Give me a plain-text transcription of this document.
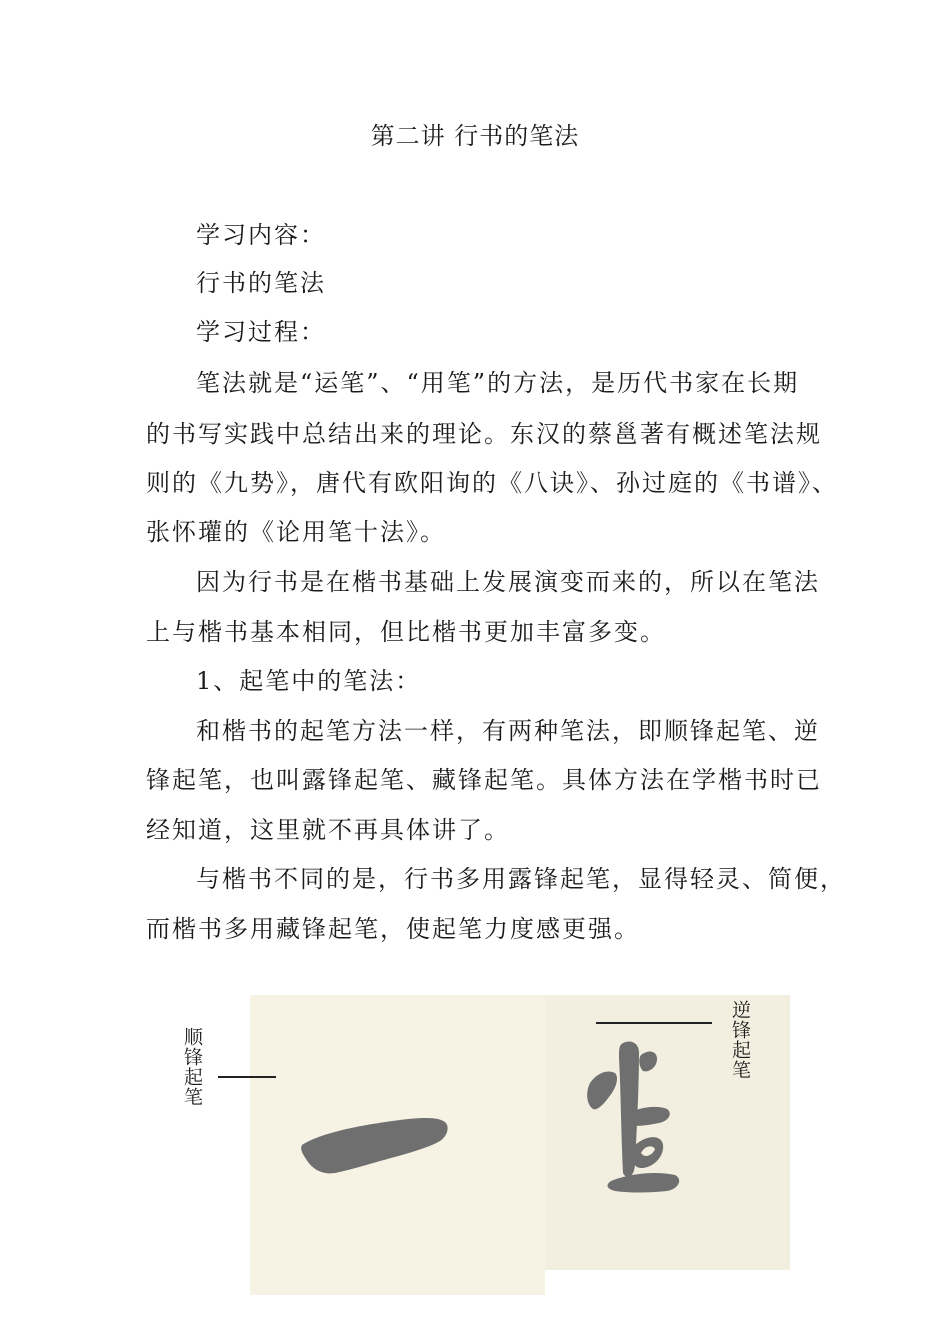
第二讲 行书的笔法
学习内容：
行书的笔法
学习过程：
笔法就是“运笔”、“用笔”的方法，是历代书家在长期
的书写实践中总结出来的理论。东汉的蔡邕著有概述笔法规
则的《九势》，唐代有欧阳询的《八诀》、孙过庭的《书谱》、
张怀瓘的《论用笔十法》。
因为行书是在楷书基础上发展演变而来的，所以在笔法
上与楷书基本相同，但比楷书更加丰富多变。
1、起笔中的笔法：
和楷书的起笔方法一样，有两种笔法，即顺锋起笔、逆
锋起笔，也叫露锋起笔、藏锋起笔。具体方法在学楷书时已
经知道，这里就不再具体讲了。
与楷书不同的是，行书多用露锋起笔，显得轻灵、简便，
而楷书多用藏锋起笔，使起笔力度感更强。
顺锋起笔	逆锋起笔
